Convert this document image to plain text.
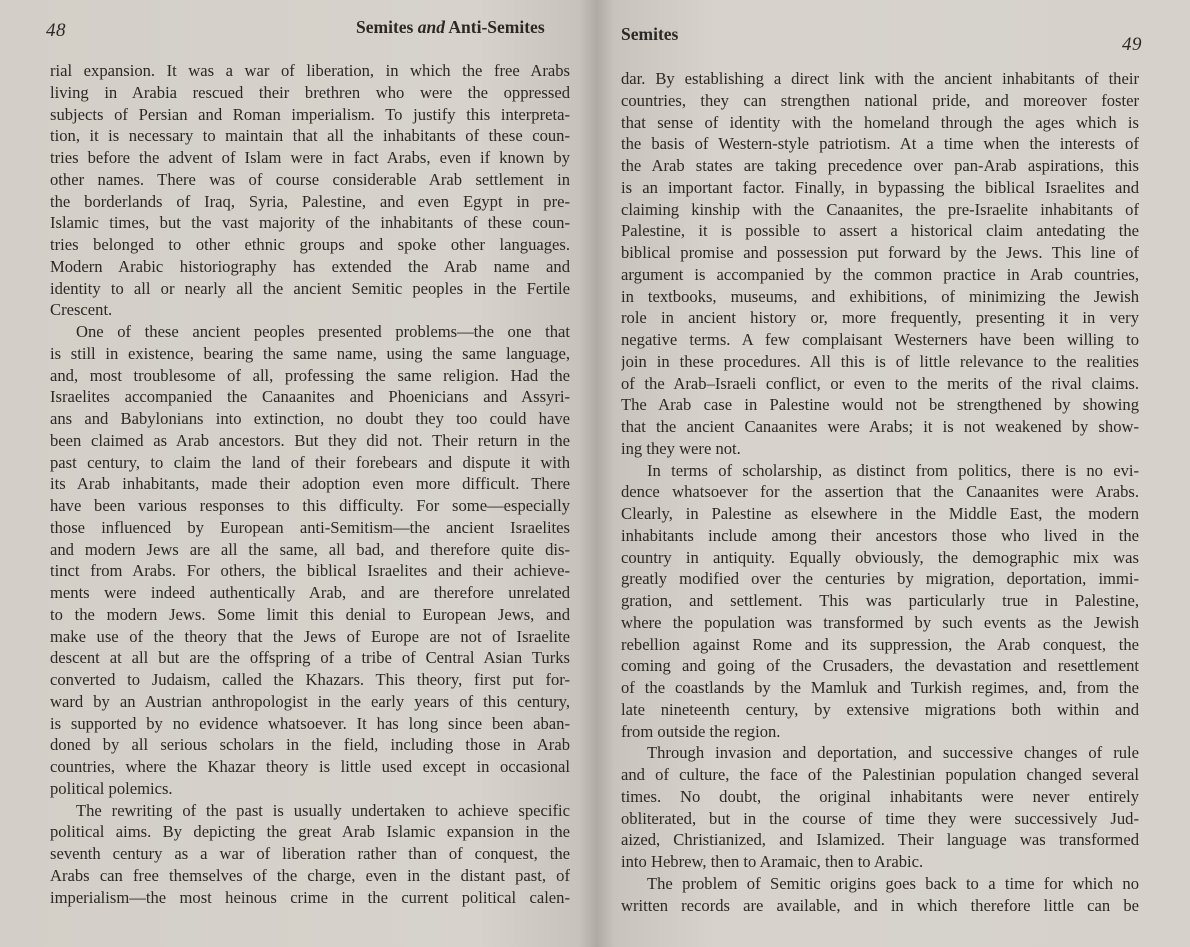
48	Semites and Anti-Semites
rial expansion. It was a war of liberation, in which the free Arabs
living in Arabia rescued their brethren who were the oppressed
subjects of Persian and Roman imperialism. To justify this interpreta-
tion, it is necessary to maintain that all the inhabitants of these coun-
tries before the advent of Islam were in fact Arabs, even if known by
other names. There was of course considerable Arab settlement in
the borderlands of Iraq, Syria, Palestine, and even Egypt in pre-
Islamic times, but the vast majority of the inhabitants of these coun-
tries belonged to other ethnic groups and spoke other languages.
Modern Arabic historiography has extended the Arab name and
identity to all or nearly all the ancient Semitic peoples in the Fertile
Crescent.
One of these ancient peoples presented problems—the one that
is still in existence, bearing the same name, using the same language,
and, most troublesome of all, professing the same religion. Had the
Israelites accompanied the Canaanites and Phoenicians and Assyri-
ans and Babylonians into extinction, no doubt they too could have
been claimed as Arab ancestors. But they did not. Their return in the
past century, to claim the land of their forebears and dispute it with
its Arab inhabitants, made their adoption even more difficult. There
have been various responses to this difficulty. For some—especially
those influenced by European anti-Semitism—the ancient Israelites
and modern Jews are all the same, all bad, and therefore quite dis-
tinct from Arabs. For others, the biblical Israelites and their achieve-
ments were indeed authentically Arab, and are therefore unrelated
to the modern Jews. Some limit this denial to European Jews, and
make use of the theory that the Jews of Europe are not of Israelite
descent at all but are the offspring of a tribe of Central Asian Turks
converted to Judaism, called the Khazars. This theory, first put for-
ward by an Austrian anthropologist in the early years of this century,
is supported by no evidence whatsoever. It has long since been aban-
doned by all serious scholars in the field, including those in Arab
countries, where the Khazar theory is little used except in occasional
political polemics.
The rewriting of the past is usually undertaken to achieve specific
political aims. By depicting the great Arab Islamic expansion in the
seventh century as a war of liberation rather than of conquest, the
Arabs can free themselves of the charge, even in the distant past, of
imperialism—the most heinous crime in the current political calen-
Semites	49
dar. By establishing a direct link with the ancient inhabitants of their
countries, they can strengthen national pride, and moreover foster
that sense of identity with the homeland through the ages which is
the basis of Western-style patriotism. At a time when the interests of
the Arab states are taking precedence over pan-Arab aspirations, this
is an important factor. Finally, in bypassing the biblical Israelites and
claiming kinship with the Canaanites, the pre-Israelite inhabitants of
Palestine, it is possible to assert a historical claim antedating the
biblical promise and possession put forward by the Jews. This line of
argument is accompanied by the common practice in Arab countries,
in textbooks, museums, and exhibitions, of minimizing the Jewish
role in ancient history or, more frequently, presenting it in very
negative terms. A few complaisant Westerners have been willing to
join in these procedures. All this is of little relevance to the realities
of the Arab–Israeli conflict, or even to the merits of the rival claims.
The Arab case in Palestine would not be strengthened by showing
that the ancient Canaanites were Arabs; it is not weakened by show-
ing they were not.
In terms of scholarship, as distinct from politics, there is no evi-
dence whatsoever for the assertion that the Canaanites were Arabs.
Clearly, in Palestine as elsewhere in the Middle East, the modern
inhabitants include among their ancestors those who lived in the
country in antiquity. Equally obviously, the demographic mix was
greatly modified over the centuries by migration, deportation, immi-
gration, and settlement. This was particularly true in Palestine,
where the population was transformed by such events as the Jewish
rebellion against Rome and its suppression, the Arab conquest, the
coming and going of the Crusaders, the devastation and resettlement
of the coastlands by the Mamluk and Turkish regimes, and, from the
late nineteenth century, by extensive migrations both within and
from outside the region.
Through invasion and deportation, and successive changes of rule
and of culture, the face of the Palestinian population changed several
times. No doubt, the original inhabitants were never entirely
obliterated, but in the course of time they were successively Jud-
aized, Christianized, and Islamized. Their language was transformed
into Hebrew, then to Aramaic, then to Arabic.
The problem of Semitic origins goes back to a time for which no
written records are available, and in which therefore little can be
